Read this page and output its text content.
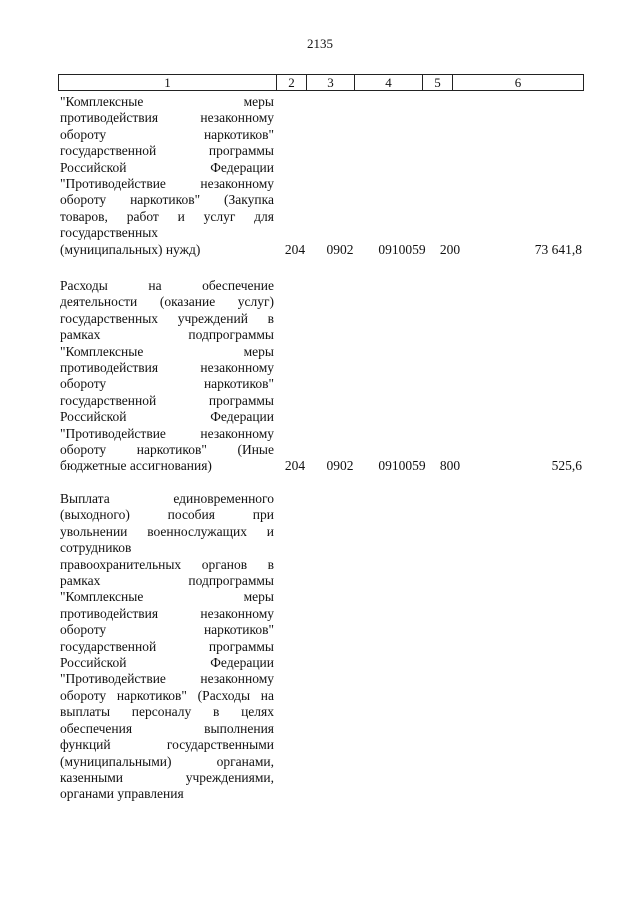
2135
1	2	3	4	5	6
"Комплексные меры
противодействия незаконному
обороту наркотиков"
государственной программы
Российской Федерации
"Противодействие незаконному
обороту наркотиков" (Закупка
товаров, работ и услуг для
государственных
(муниципальных) нужд)	204 0902	0910059	200	73 641,8
Расходы на обеспечение
деятельности (оказание услуг)
государственных учреждений в
рамках подпрограммы
"Комплексные меры
противодействия незаконному
обороту наркотиков"
государственной программы
Российской Федерации
"Противодействие незаконному
обороту наркотиков" (Иные
бюджетные ассигнования)	204 0902	0910059	800	525,6
Выплата единовременного
(выходного) пособия при
увольнении военнослужащих и
сотрудников
правоохранительных органов в
рамках подпрограммы
"Комплексные меры
противодействия незаконному
обороту наркотиков"
государственной программы
Российской Федерации
"Противодействие незаконному
обороту наркотиков" (Расходы на
выплаты персоналу в целях
обеспечения выполнения
функций государственными
(муниципальными) органами,
казенными учреждениями,
органами управления
